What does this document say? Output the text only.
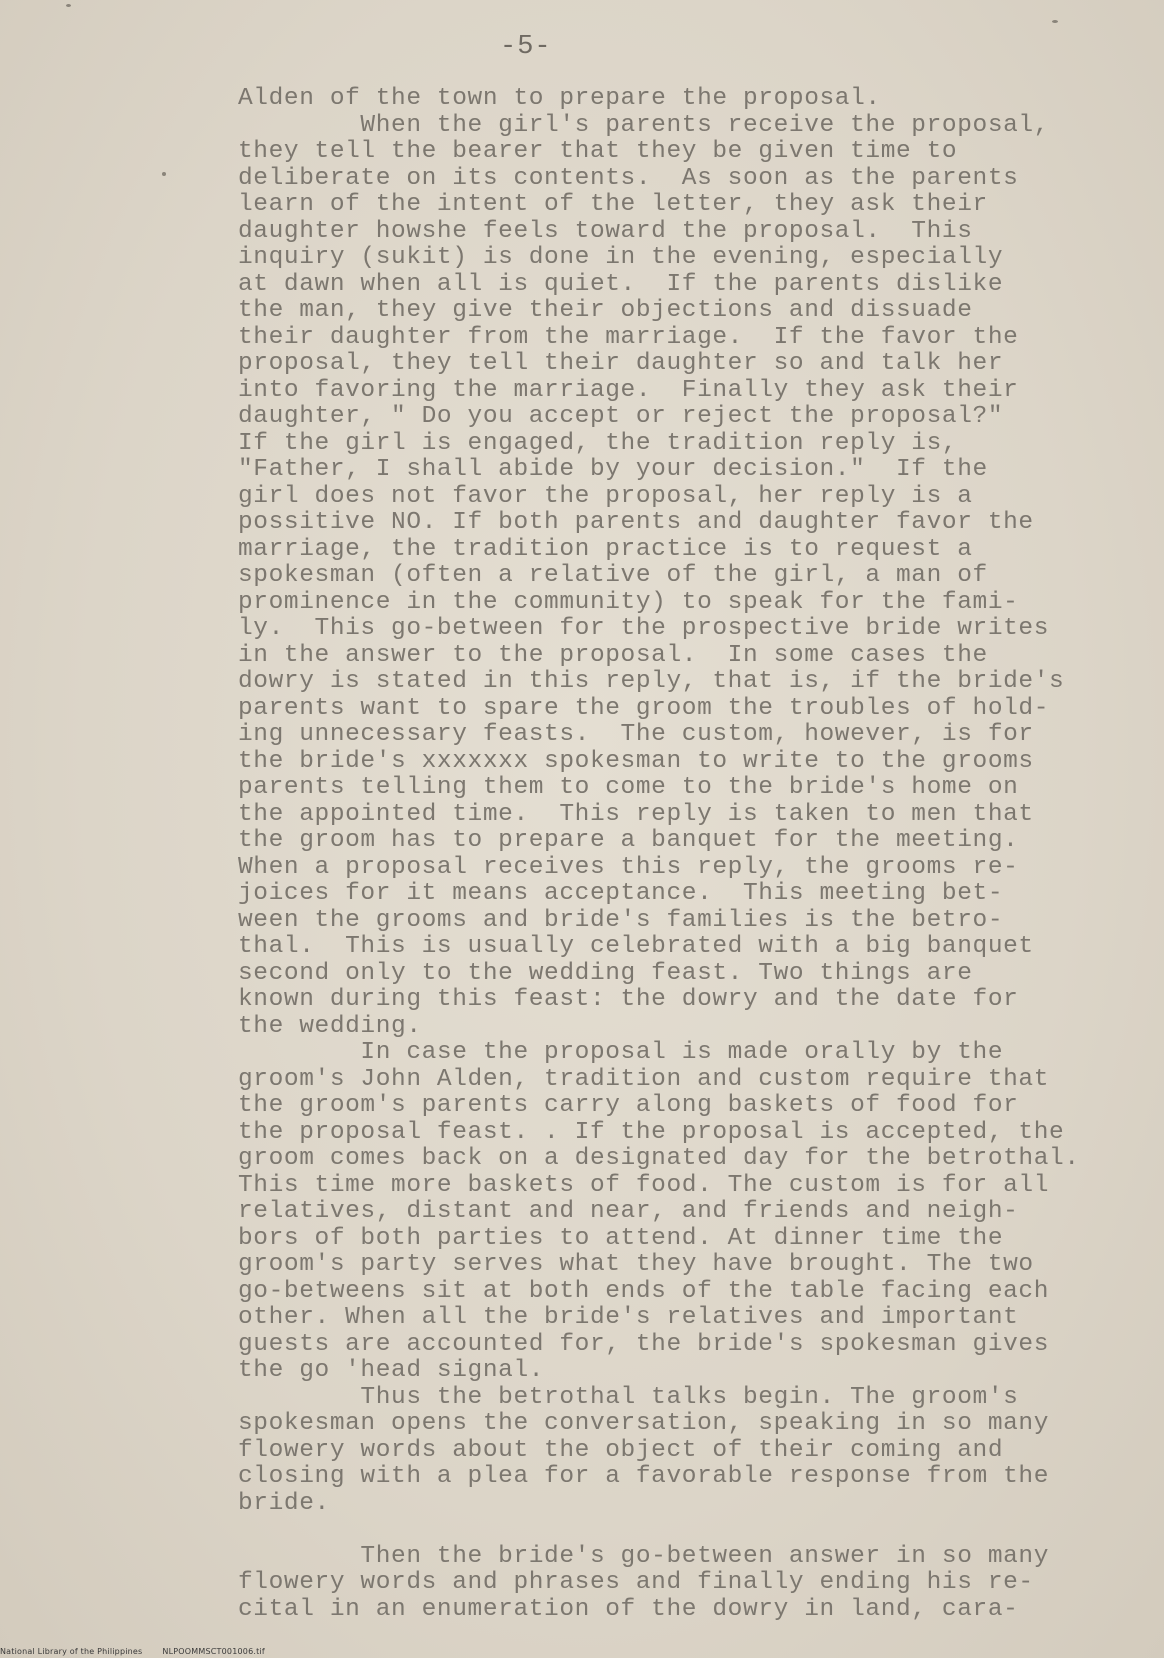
-5-
Alden of the town to prepare the proposal.
When the girl's parents receive the proposal,
they tell the bearer that they be given time to
deliberate on its contents.  As soon as the parents
learn of the intent of the letter, they ask their
daughter howshe feels toward the proposal.  This
inquiry (sukit) is done in the evening, especially
at dawn when all is quiet.  If the parents dislike
the man, they give their objections and dissuade
their daughter from the marriage.  If the favor the
proposal, they tell their daughter so and talk her
into favoring the marriage.  Finally they ask their
daughter, " Do you accept or reject the proposal?"
If the girl is engaged, the tradition reply is,
"Father, I shall abide by your decision."  If the
girl does not favor the proposal, her reply is a
possitive NO. If both parents and daughter favor the
marriage, the tradition practice is to request a
spokesman (often a relative of the girl, a man of
prominence in the community) to speak for the fami-
ly.  This go-between for the prospective bride writes
in the answer to the proposal.  In some cases the
dowry is stated in this reply, that is, if the bride's
parents want to spare the groom the troubles of hold-
ing unnecessary feasts.  The custom, however, is for
the bride's xxxxxxx spokesman to write to the grooms
parents telling them to come to the bride's home on
the appointed time.  This reply is taken to men that
the groom has to prepare a banquet for the meeting.
When a proposal receives this reply, the grooms re-
joices for it means acceptance.  This meeting bet-
ween the grooms and bride's families is the betro-
thal.  This is usually celebrated with a big banquet
second only to the wedding feast. Two things are
known during this feast: the dowry and the date for
the wedding.
In case the proposal is made orally by the
groom's John Alden, tradition and custom require that
the groom's parents carry along baskets of food for
the proposal feast. . If the proposal is accepted, the
groom comes back on a designated day for the betrothal.
This time more baskets of food. The custom is for all
relatives, distant and near, and friends and neigh-
bors of both parties to attend. At dinner time the
groom's party serves what they have brought. The two
go-betweens sit at both ends of the table facing each
other. When all the bride's relatives and important
guests are accounted for, the bride's spokesman gives
the go 'head signal.
Thus the betrothal talks begin. The groom's
spokesman opens the conversation, speaking in so many
flowery words about the object of their coming and
closing with a plea for a favorable response from the
bride.
Then the bride's go-between answer in so many
flowery words and phrases and finally ending his re-
cital in an enumeration of the dowry in land, cara-
National Library of the Philippines	NLPOOMMSCT001006.tif
